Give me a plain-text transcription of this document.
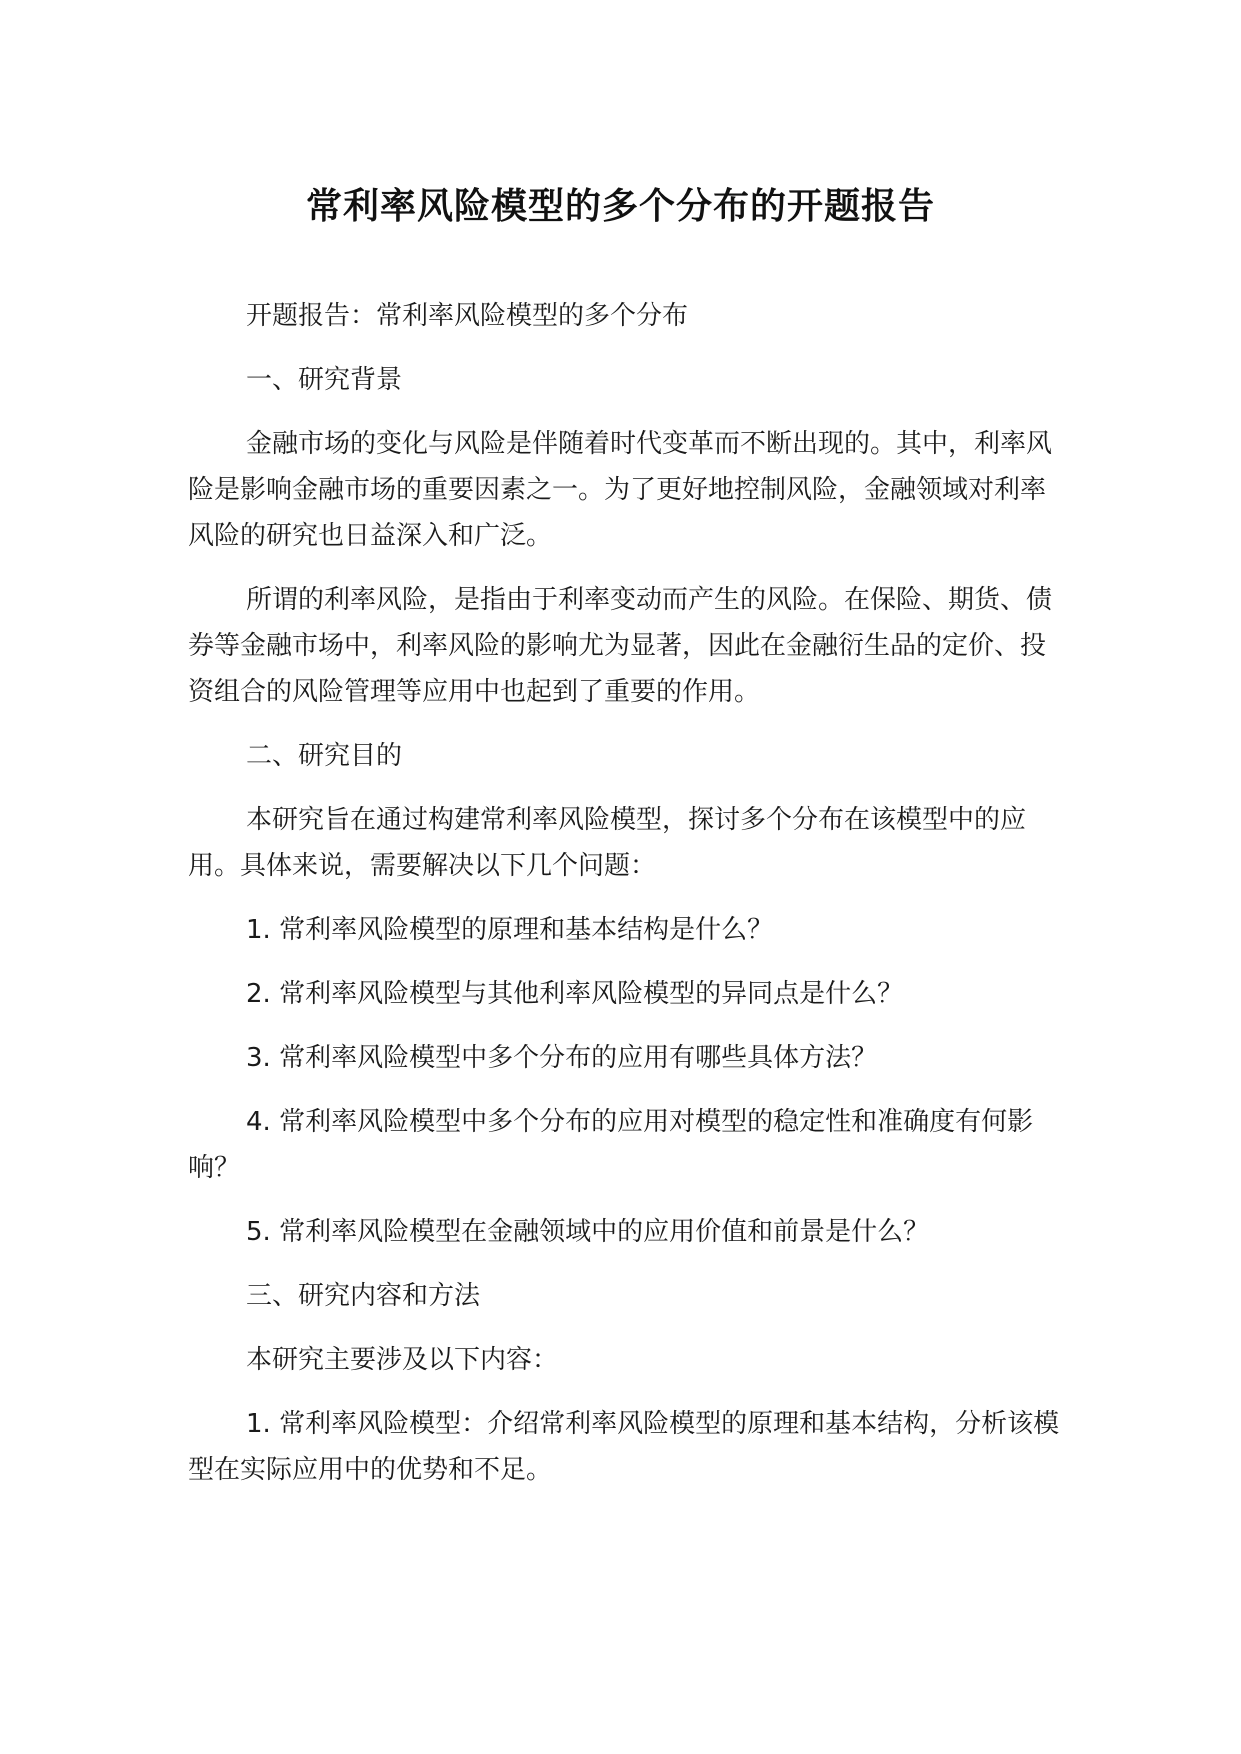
常利率风险模型的多个分布的开题报告

开题报告：常利率风险模型的多个分布

一、研究背景

金融市场的变化与风险是伴随着时代变革而不断出现的。其中，利率风险是影响金融市场的重要因素之一。为了更好地控制风险，金融领域对利率风险的研究也日益深入和广泛。

所谓的利率风险，是指由于利率变动而产生的风险。在保险、期货、债券等金融市场中，利率风险的影响尤为显著，因此在金融衍生品的定价、投资组合的风险管理等应用中也起到了重要的作用。

二、研究目的

本研究旨在通过构建常利率风险模型，探讨多个分布在该模型中的应用。具体来说，需要解决以下几个问题：

1. 常利率风险模型的原理和基本结构是什么？

2. 常利率风险模型与其他利率风险模型的异同点是什么？

3. 常利率风险模型中多个分布的应用有哪些具体方法？

4. 常利率风险模型中多个分布的应用对模型的稳定性和准确度有何影响？

5. 常利率风险模型在金融领域中的应用价值和前景是什么？

三、研究内容和方法

本研究主要涉及以下内容：

1. 常利率风险模型：介绍常利率风险模型的原理和基本结构，分析该模型在实际应用中的优势和不足。
